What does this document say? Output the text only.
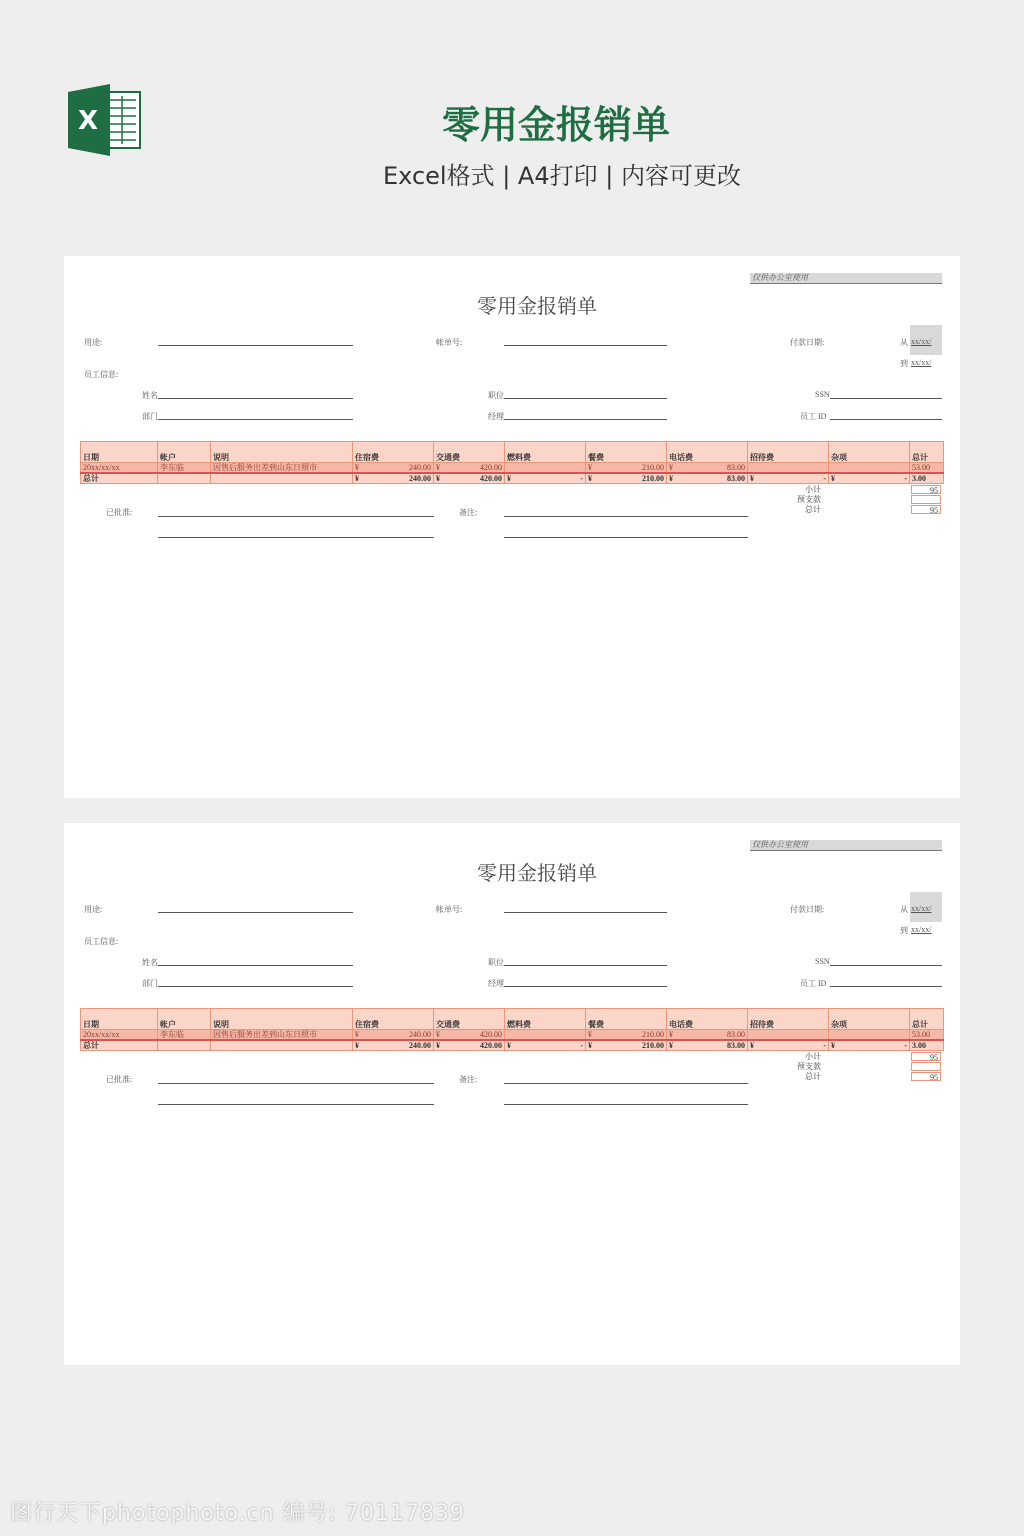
X	零用金报销单
Excel格式 | A4打印 | 内容可更改
仅供办公室使用
零用金报销单
用途:	帐单号:	付款日期:	从 xx/xx/
到 xx/xx/
员工信息:
姓名	职位	SSN
部门	经理	员工 ID
日期	帐户	说明	住宿费	交通费	燃料费	餐费	电话费	招待费	杂项	总计
20xx/xx/xx	李东临	因售后服务出差到山东日照市	¥ 240.00	¥ 420.00		¥ 210.00	¥ 83.00			53.00
总计			¥ 240.00	¥ 420.00	¥ -	¥ 210.00	¥ 83.00	¥ -	¥ -	3.00
小计	95
预支款
总计	95
已批准:	备注:
仅供办公室使用
零用金报销单
用途:	帐单号:	付款日期:	从 xx/xx/
到 xx/xx/
员工信息:
姓名	职位	SSN
部门	经理	员工 ID
日期	帐户	说明	住宿费	交通费	燃料费	餐费	电话费	招待费	杂项	总计
20xx/xx/xx	李东临	因售后服务出差到山东日照市	¥ 240.00	¥ 420.00		¥ 210.00	¥ 83.00			53.00
总计			¥ 240.00	¥ 420.00	¥ -	¥ 210.00	¥ 83.00	¥ -	¥ -	3.00
小计	95
预支款
总计	95
已批准:	备注:
图行天下photophoto.cn 编号: 70117839
